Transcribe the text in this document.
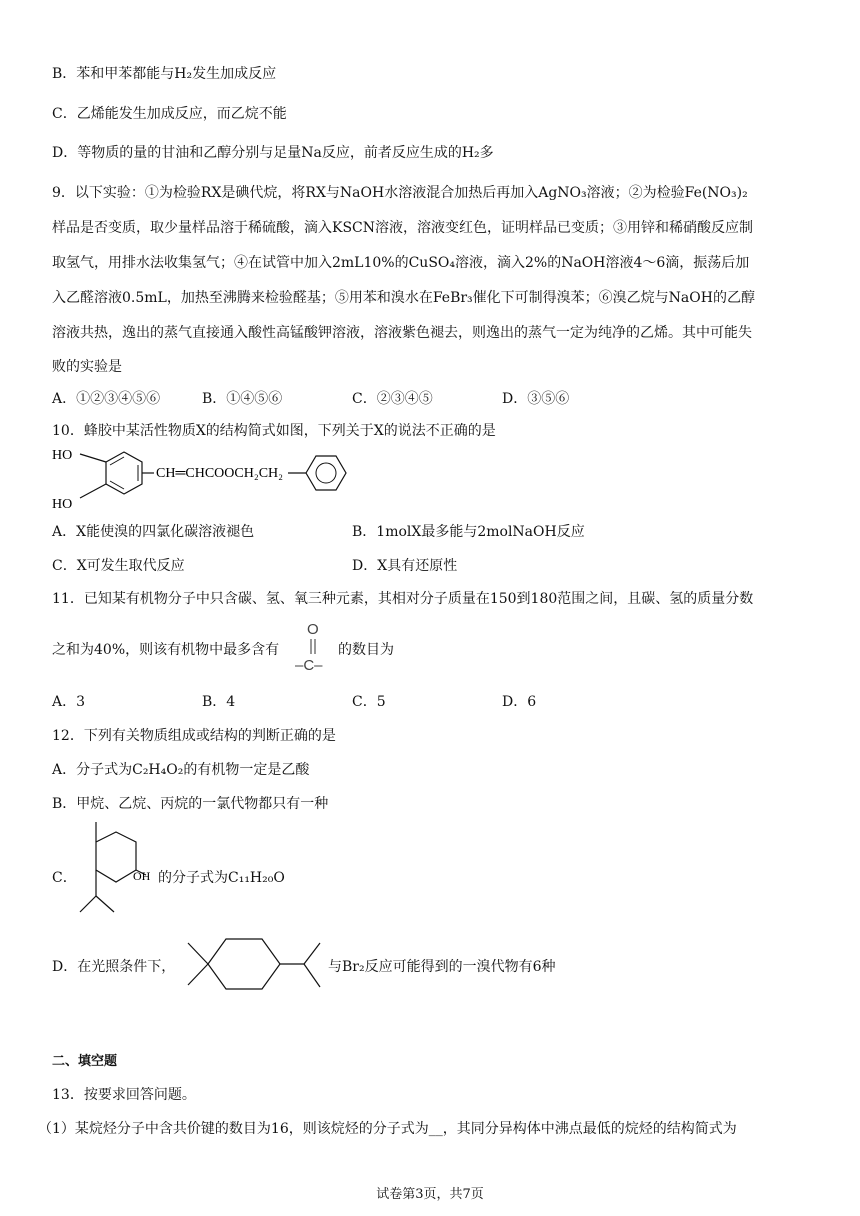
B．苯和甲苯都能与H₂发生加成反应
C．乙烯能发生加成反应，而乙烷不能
D．等物质的量的甘油和乙醇分别与足量Na反应，前者反应生成的H₂多
9．以下实验：①为检验RX是碘代烷，将RX与NaOH水溶液混合加热后再加入AgNO₃溶液；②为检验Fe(NO₃)₂
样品是否变质，取少量样品溶于稀硫酸，滴入KSCN溶液，溶液变红色，证明样品已变质；③用锌和稀硝酸反应制
取氢气，用排水法收集氢气；④在试管中加入2mL10%的CuSO₄溶液，滴入2%的NaOH溶液4～6滴，振荡后加
入乙醛溶液0.5mL，加热至沸腾来检验醛基；⑤用苯和溴水在FeBr₃催化下可制得溴苯；⑥溴乙烷与NaOH的乙醇
溶液共热，逸出的蒸气直接通入酸性高锰酸钾溶液，溶液紫色褪去，则逸出的蒸气一定为纯净的乙烯。其中可能失
败的实验是
A．①②③④⑤⑥	B．①④⑤⑥	C．②③④⑤	D．③⑤⑥
10．蜂胶中某活性物质X的结构简式如图，下列关于X的说法不正确的是
HO
HO
CH═CHCOOCH₂CH₂
A．X能使溴的四氯化碳溶液褪色	B．1molX最多能与2molNaOH反应
C．X可发生取代反应	D．X具有还原性
11．已知某有机物分子中只含碳、氢、氧三种元素，其相对分子质量在150到180范围之间，且碳、氢的质量分数
之和为40%，则该有机物中最多含有
O
–C–
的数目为
A．3	B．4	C．5	D．6
12．下列有关物质组成或结构的判断正确的是
A．分子式为C₂H₄O₂的有机物一定是乙酸
B．甲烷、乙烷、丙烷的一氯代物都只有一种
C．	OH 的分子式为C₁₁H₂₀O
D．在光照条件下，	与Br₂反应可能得到的一溴代物有6种
二、填空题
13．按要求回答问题。
（1）某烷烃分子中含共价键的数目为16，则该烷烃的分子式为__，其同分异构体中沸点最低的烷烃的结构简式为
试卷第3页，共7页
